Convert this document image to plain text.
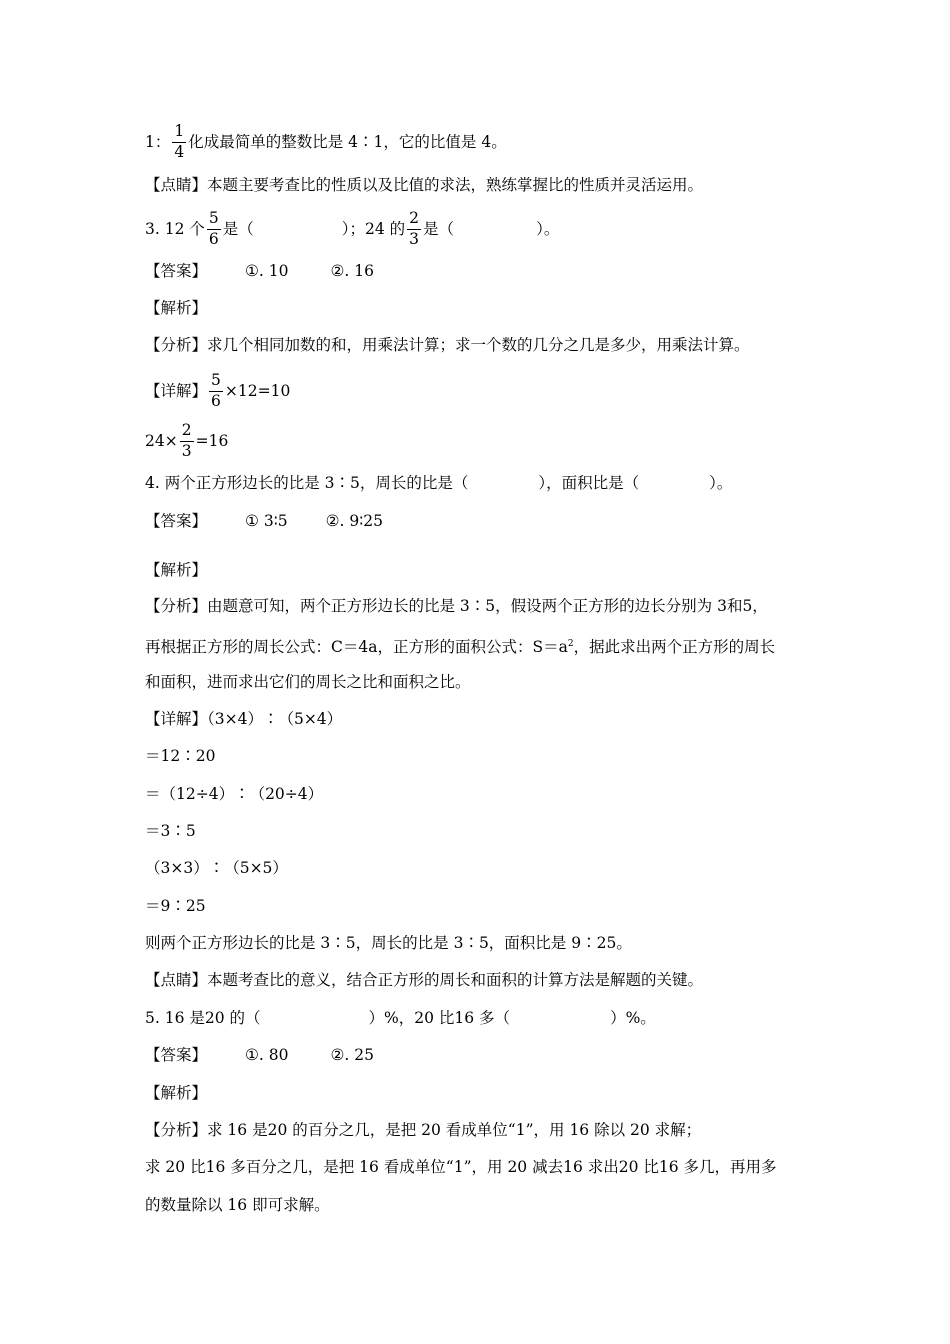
1： $\frac{1}{4}$ 化成最简单的整数比是 4∶1，它的比值是 4。
【点睛】本题主要考查比的性质以及比值的求法，熟练掌握比的性质并灵活运用。
3. 12 个 $\frac{5}{6}$ 是（	）；24 的 $\frac{2}{3}$ 是（	）。
【答案】 ①. 10	②. 16
【解析】
【分析】求几个相同加数的和，用乘法计算；求一个数的几分之几是多少，用乘法计算。
【详解】 $\frac{5}{6} \times 12=10$
$24\times \frac{2}{3} =16$
4. 两个正方形边长的比是 3∶5，周长的比是（	），面积比是（	）。
【答案】 ① 3∶5 ②. 9∶25
【解析】
【分析】由题意可知，两个正方形边长的比是 3∶5，假设两个正方形的边长分别为 3和5，
再根据正方形的周长公式：C＝4a，正方形的面积公式：$S=a^2$，据此求出两个正方形的周长
和面积，进而求出它们的周长之比和面积之比。
【详解】（3×4）∶（5×4）
＝12∶20
＝（12÷4）∶（20÷4）
＝3∶5
（3×3）∶（5×5）
＝9∶25
则两个正方形边长的比是 3∶5，周长的比是 3∶5，面积比是 9∶25。
【点睛】本题考查比的意义，结合正方形的周长和面积的计算方法是解题的关键。
5. 16 是20 的（	）%，20 比16 多（	）%。
【答案】 ①. 80	②. 25
【解析】
【分析】求 16 是20 的百分之几，是把 20 看成单位“1”，用 16 除以 20 求解；
求 20 比16 多百分之几，是把 16 看成单位“1”，用 20 减去16 求出20 比16 多几，再用多
的数量除以 16 即可求解。
